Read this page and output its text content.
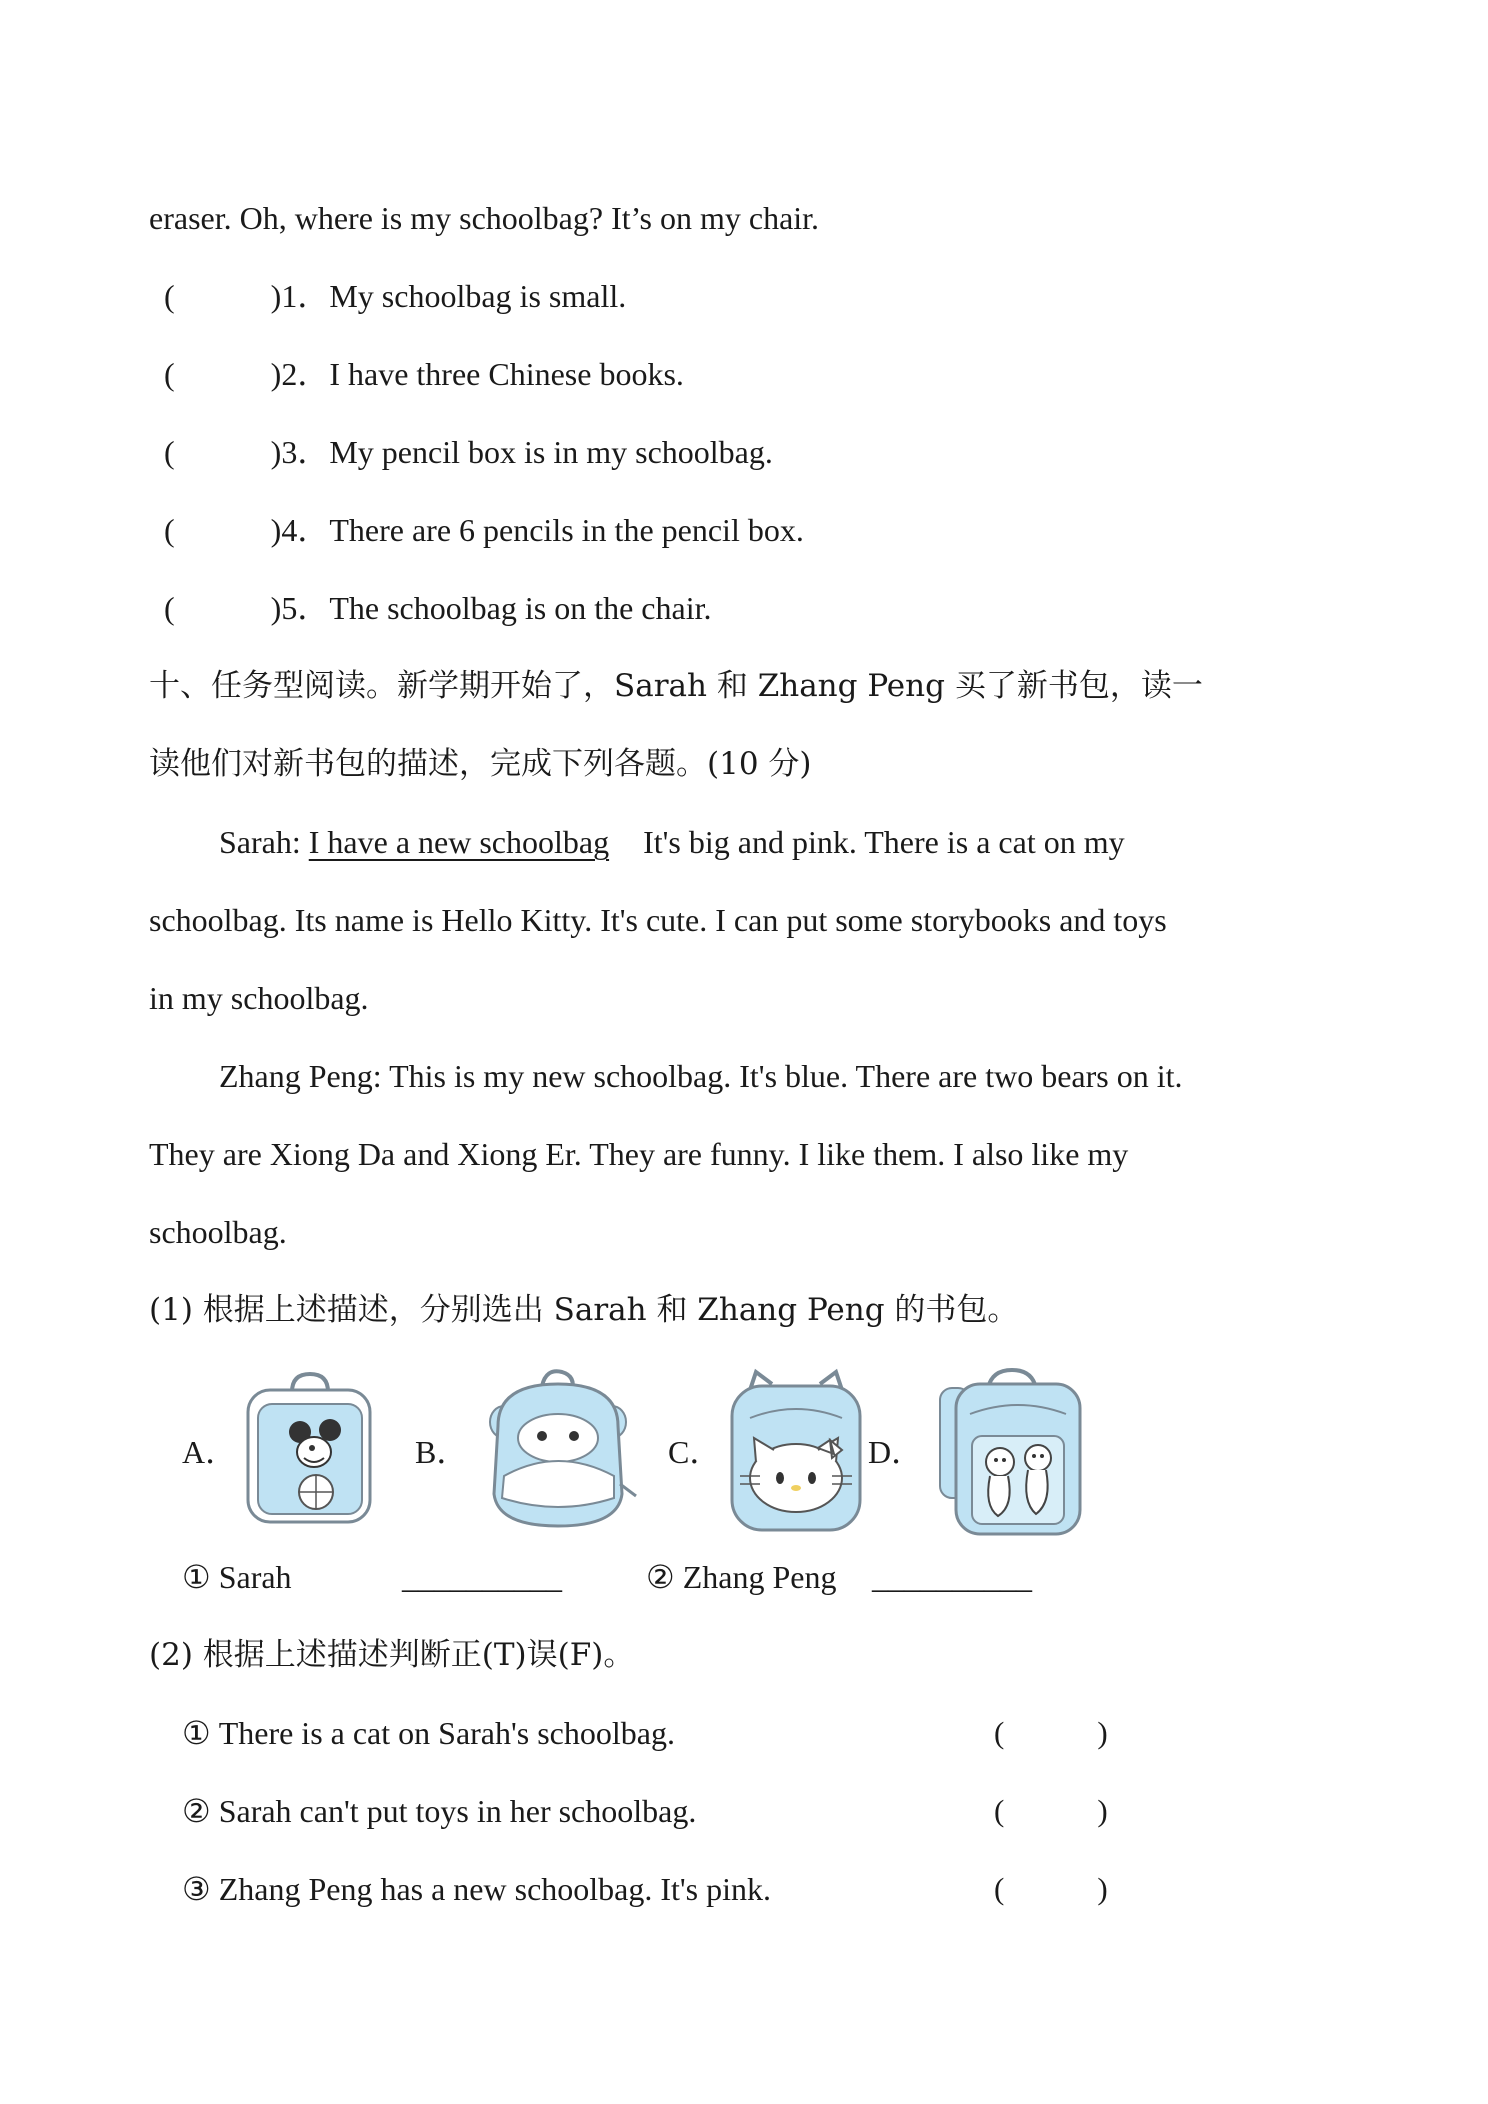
eraser. Oh, where is my schoolbag? It’s on my chair.
(　　　)1．My schoolbag is small.
(　　　)2．I have three Chinese books.
(　　　)3．My pencil box is in my schoolbag.
(　　　)4．There are 6 pencils in the pencil box.
(　　　)5．The schoolbag is on the chair.
十、任务型阅读。新学期开始了，Sarah 和 Zhang Peng 买了新书包，读一
读他们对新书包的描述，完成下列各题。(10 分)
Sarah: I have a new schoolbag It's big and pink. There is a cat on my
schoolbag. Its name is Hello Kitty. It's cute. I can put some storybooks and toys
in my schoolbag.
Zhang Peng: This is my new schoolbag. It's blue. There are two bears on it.
They are Xiong Da and Xiong Er. They are funny. I like them. I also like my
schoolbag.
(1) 根据上述描述，分别选出 Sarah 和 Zhang Peng 的书包。
A．	B．	C．	D．
① Sarah	__________	② Zhang Peng __________
(2) 根据上述描述判断正(T)误(F)。
① There is a cat on Sarah's schoolbag.	(　　　)
② Sarah can't put toys in her schoolbag.	(　　　)
③ Zhang Peng has a new schoolbag. It's pink.	(　　　)
